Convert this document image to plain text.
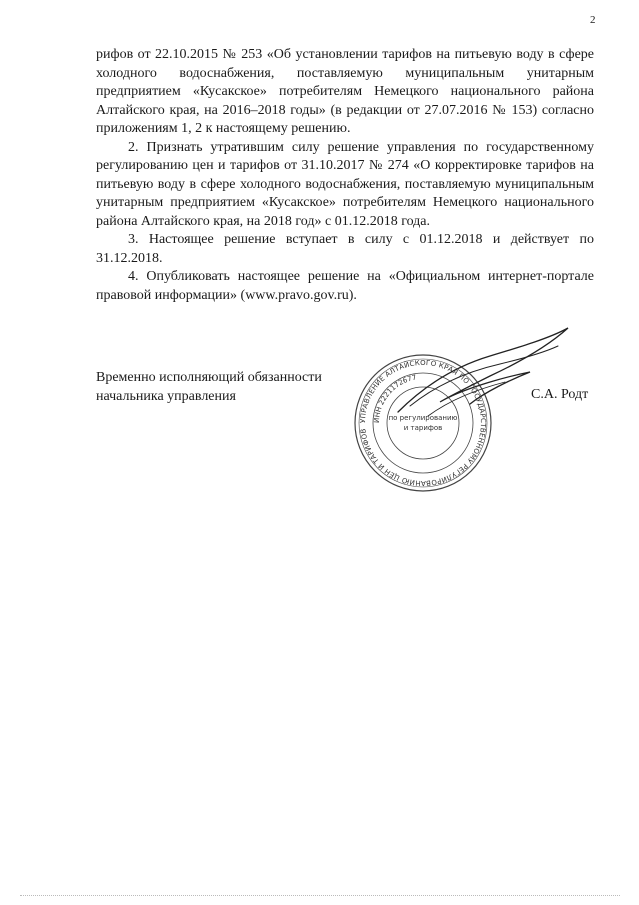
2

рифов от 22.10.2015 № 253 «Об установлении тарифов на питьевую воду в сфере холодного водоснабжения, поставляемую муниципальным унитарным предприятием «Кусакское» потребителям Немецкого национального района Алтайского края, на 2016–2018 годы» (в редакции от 27.07.2016 № 153) согласно приложениям 1, 2 к настоящему решению.

2. Признать утратившим силу решение управления по государственному регулированию цен и тарифов от 31.10.2017 № 274 «О корректировке тарифов на питьевую воду в сфере холодного водоснабжения, поставляемую муниципальным унитарным предприятием «Кусакское» потребителям Немецкого национального района Алтайского края, на 2018 год» с 01.12.2018 года.

3. Настоящее решение вступает в силу с 01.12.2018 и действует по 31.12.2018.

4. Опубликовать настоящее решение на «Официальном интернет-портале правовой информации» (www.pravo.gov.ru).

Временно исполняющий обязанности
начальника управления
УПРАВЛЕНИЕ АЛТАЙСКОГО КРАЯ ПО ГОСУДАРСТВЕННОМУ РЕГУЛИРОВАНИЮ ЦЕН И ТАРИФОВ
ИНН 2221172677
по регулированию
и тарифов
С.А. Родт
